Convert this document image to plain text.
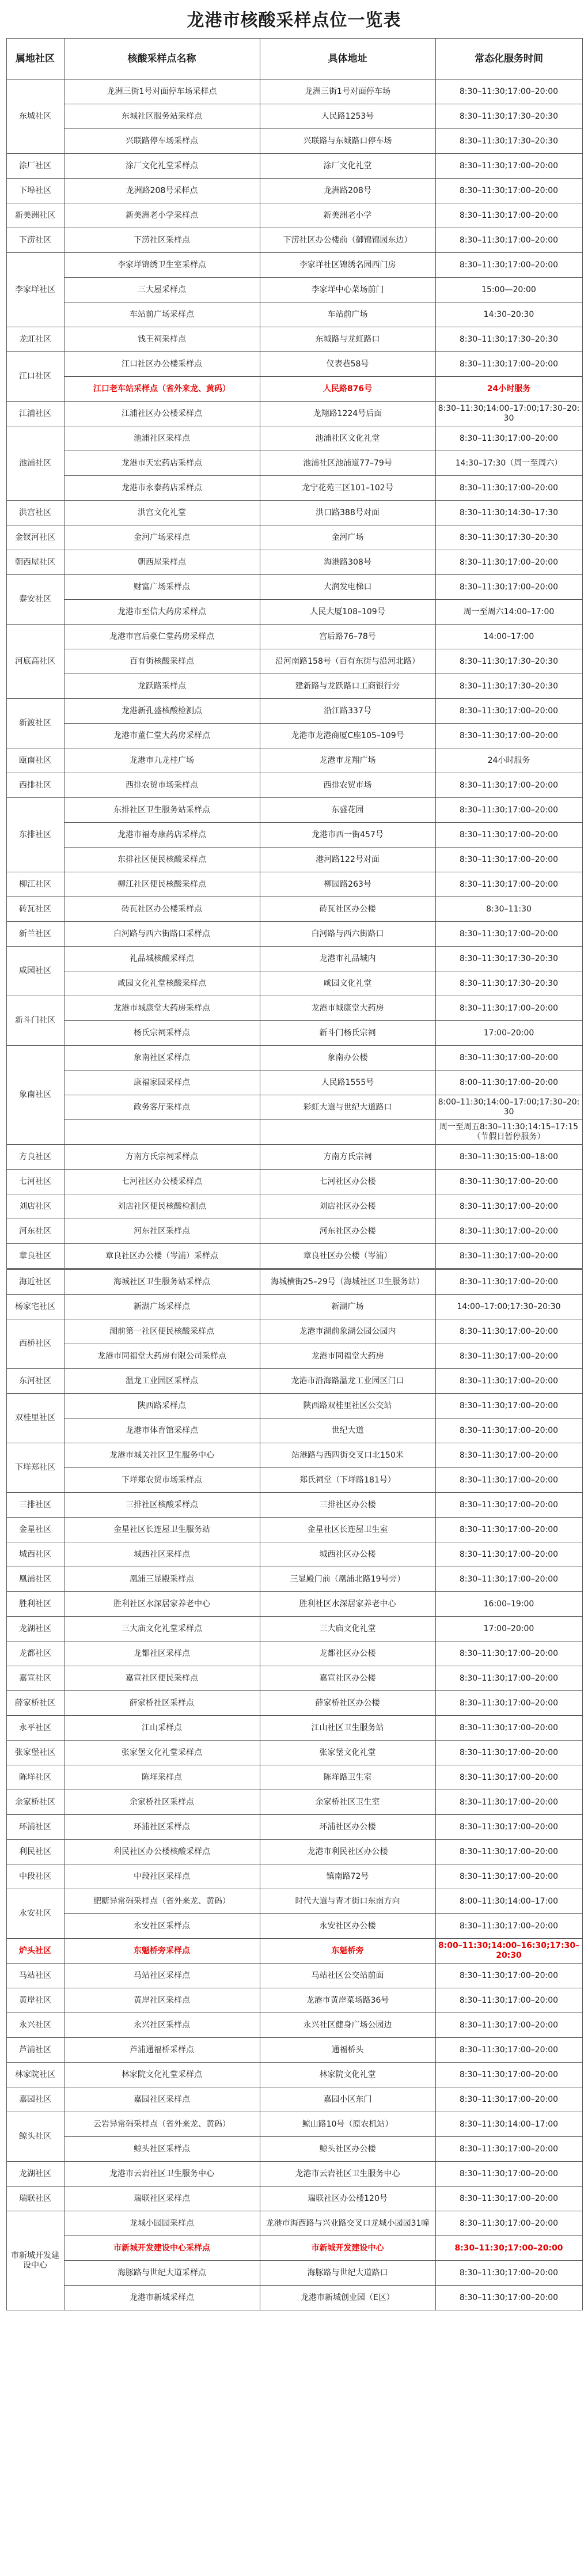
龙港市核酸采样点位一览表
属地社区	核酸采样点名称	具体地址	常态化服务时间
东城社区	龙洲三街1号对面停车场采样点	龙洲三街1号对面停车场	8:30–11:30;17:00–20:00
	东城社区服务站采样点	人民路1253号	8:30–11:30;17:30–20:30
	兴联路停车场采样点	兴联路与东城路口停车场	8:30–11:30;17:30–20:30
涂厂社区	涂厂文化礼堂采样点	涂厂文化礼堂	8:30–11:30;17:00–20:00
下埠社区	龙洲路208号采样点	龙洲路208号	8:30–11:30;17:00–20:00
新美洲社区	新美洲老小学采样点	新美洲老小学	8:30–11:30;17:00–20:00
下涝社区	下涝社区采样点	下涝社区办公楼前（御锦锦园东边）	8:30–11:30;17:00–20:00
李家垟社区	李家垟锦绣卫生室采样点	李家垟社区锦绣名园西门房	8:30–11:30;17:00–20:00
	三大屋采样点	李家垟中心菜场前门	15:00—20:00
	车站前广场采样点	车站前广场	14:30–20:30
龙虹社区	钱王祠采样点	东城路与龙虹路口	8:30–11:30;17:30–20:30
江口社区	江口社区办公楼采样点	仪表巷58号	8:30–11:30;17:00–20:00
	江口老车站采样点（省外来龙、黄码）	人民路876号	24小时服务
江浦社区	江浦社区办公楼采样点	龙翔路1224号后面	8:30–11:30;14:00–17:00;17:30–20:30
池浦社区	池浦社区采样点	池浦社区文化礼堂	8:30–11:30;17:00–20:00
	龙港市天宏药店采样点	池浦社区池浦道77–79号	14:30–17:30（周一至周六）
	龙港市永泰药店采样点	龙宁花苑三区101–102号	8:30–11:30;17:00–20:00
洪宫社区	洪宫文化礼堂	洪口路388号对面	8:30–11:30;14:30–17:30
金钗河社区	金河广场采样点	金河广场	8:30–11:30;17:30–20:30
朝西屋社区	朝西屋采样点	海港路308号	8:30–11:30;17:00–20:00
泰安社区	财富广场采样点	大润发电梯口	8:30–11:30;17:00–20:00
	龙港市至信大药房采样点	人民大厦108–109号	周一至周六14:00–17:00
河底高社区	龙港市宫后豪仁堂药房采样点	宫后路76–78号	14:00–17:00
	百有街核酸采样点	沿河南路158号（百有东街与沿河北路）	8:30–11:30;17:30–20:30
	龙跃路采样点	建新路与龙跃路口工商银行旁	8:30–11:30;17:30–20:30
新渡社区	龙港新孔盛核酸检测点	沿江路337号	8:30–11:30;17:00–20:00
	龙港市董仁堂大药房采样点	龙港市龙港商厦C座105–109号	8:30–11:30;17:00–20:00
瓯南社区	龙港市九龙桂广场	龙港市龙翔广场	24小时服务
西排社区	西排农贸市场采样点	西排农贸市场	8:30–11:30;17:00–20:00
东排社区	东排社区卫生服务站采样点	东盛花园	8:30–11:30;17:00–20:00
	龙港市福寿康药店采样点	龙港市西一街457号	8:30–11:30;17:00–20:00
	东排社区便民核酸采样点	港河路122号对面	8:30–11:30;17:00–20:00
柳江社区	柳江社区便民核酸采样点	柳园路263号	8:30–11:30;17:00–20:00
砖瓦社区	砖瓦社区办公楼采样点	砖瓦社区办公楼	8:30–11:30
新兰社区	白河路与西六街路口采样点	白河路与西六街路口	8:30–11:30;17:00–20:00
咸园社区	礼品城核酸采样点	龙港市礼品城内	8:30–11:30;17:30–20:30
	咸园文化礼堂核酸采样点	咸园文化礼堂	8:30–11:30;17:30–20:30
新斗门社区	龙港市城康堂大药房采样点	龙港市城康堂大药房	8:30–11:30;17:00–20:00
	杨氏宗祠采样点	新斗门杨氏宗祠	17:00–20:00
象南社区	象南社区采样点	象南办公楼	8:30–11:30;17:00–20:00
	康福家园采样点	人民路1555号	8:00–11:30;17:00–20:00
	政务客厅采样点	彩虹大道与世纪大道路口	8:00–11:30;14:00–17:00;17:30–20:30
			周一至周五8:30–11:30;14:15–17:15（节假日暂停服务）
方良社区	方南方氏宗祠采样点	方南方氏宗祠	8:30–11:30;15:00–18:00
七河社区	七河社区办公楼采样点	七河社区办公楼	8:30–11:30;17:00–20:00
刘店社区	刘店社区便民核酸检测点	刘店社区办公楼	8:30–11:30;17:00–20:00
河东社区	河东社区采样点	河东社区办公楼	8:30–11:30;17:00–20:00
章良社区	章良社区办公楼（岑浦）采样点	章良社区办公楼（岑浦）	8:30–11:30;17:00–20:00
海近社区	海城社区卫生服务站采样点	海城横街25–29号（海城社区卫生服务站）	8:30–11:30;17:00–20:00
杨家宅社区	新湖广场采样点	新湖广场	14:00–17:00;17:30–20:30
西桥社区	湖前第一社区便民核酸采样点	龙港市湖前象湖公园公园内	8:30–11:30;17:00–20:00
	龙港市同福堂大药房有限公司采样点	龙港市同福堂大药房	8:30–11:30;17:00–20:00
东河社区	温龙工业园区采样点	龙港市沿海路温龙工业园区门口	8:30–11:30;17:00–20:00
双桂里社区	陕西路采样点	陕西路双桂里社区公交站	8:30–11:30;17:00–20:00
	龙港市体育馆采样点	世纪大道	8:30–11:30;17:00–20:00
下垟郑社区	龙港市城关社区卫生服务中心	站港路与西四街交叉口北150米	8:30–11:30;17:00–20:00
	下垟郑农贸市场采样点	郑氏祠堂（下垟路181号）	8:30–11:30;17:00–20:00
三排社区	三排社区核酸采样点	三排社区办公楼	8:30–11:30;17:00–20:00
金星社区	金星社区长连屋卫生服务站	金星社区长连屋卫生室	8:30–11:30;17:00–20:00
城西社区	城西社区采样点	城西社区办公楼	8:30–11:30;17:00–20:00
凰浦社区	凰浦三显殿采样点	三显殿门前（凰浦北路19号旁）	8:30–11:30;17:00–20:00
胜利社区	胜利社区水深居家养老中心	胜利社区水深居家养老中心	16:00–19:00
龙湖社区	三大庙文化礼堂采样点	三大庙文化礼堂	17:00–20:00
龙都社区	龙都社区采样点	龙都社区办公楼	8:30–11:30;17:00–20:00
嘉宣社区	嘉宣社区便民采样点	嘉宣社区办公楼	8:30–11:30;17:00–20:00
薛家桥社区	薛家桥社区采样点	薛家桥社区办公楼	8:30–11:30;17:00–20:00
永平社区	江山采样点	江山社区卫生服务站	8:30–11:30;17:00–20:00
张家堡社区	张家堡文化礼堂采样点	张家堡文化礼堂	8:30–11:30;17:00–20:00
陈垟社区	陈垟采样点	陈垟路卫生室	8:30–11:30;17:00–20:00
余家桥社区	余家桥社区采样点	余家桥社区卫生室	8:30–11:30;17:00–20:00
环浦社区	环浦社区采样点	环浦社区办公楼	8:30–11:30;17:00–20:00
利民社区	利民社区办公楼核酸采样点	龙港市利民社区办公楼	8:30–11:30;17:00–20:00
中段社区	中段社区采样点	镇南路72号	8:30–11:30;17:00–20:00
永安社区	肥糖异常码采样点（省外来龙、黄码）	时代大道与青才街口东南方向	8:00–11:30;14:00–17:00
	永安社区采样点	永安社区办公楼	8:30–11:30;17:00–20:00
炉头社区	东魁桥旁采样点	东魁桥旁	8:00–11:30;14:00–16:30;17:30–20:30
马站社区	马站社区采样点	马站社区公交站前面	8:30–11:30;17:00–20:00
黄岸社区	黄岸社区采样点	龙港市黄岸菜场路36号	8:30–11:30;17:00–20:00
永兴社区	永兴社区采样点	永兴社区健身广场公园边	8:30–11:30;17:00–20:00
芦浦社区	芦浦通福桥采样点	通福桥头	8:30–11:30;17:00–20:00
林家院社区	林家院文化礼堂采样点	林家院文化礼堂	8:30–11:30;17:00–20:00
嘉园社区	嘉园社区采样点	嘉园小区东门	8:30–11:30;17:00–20:00
鲸头社区	云岩异常码采样点（省外来龙、黄码）	鲸山路10号（原农机站）	8:30–11:30;14:00–17:00
	鲸头社区采样点	鲸头社区办公楼	8:30–11:30;17:00–20:00
龙湖社区	龙港市云岩社区卫生服务中心	龙港市云岩社区卫生服务中心	8:30–11:30;17:00–20:00
瑞联社区	瑞联社区采样点	瑞联社区办公楼120号	8:30–11:30;17:00–20:00
市新城开发建设中心	龙城小园园采样点	龙港市海西路与兴业路交叉口龙城小园园31幢	8:30–11:30;17:00–20:00
	市新城开发建设中心采样点	市新城开发建设中心	8:30–11:30;17:00–20:00
	海豚路与世纪大道采样点	海豚路与世纪大道路口	8:30–11:30;17:00–20:00
	龙港市新城采样点	龙港市新城创业园（E区）	8:30–11:30;17:00–20:00
